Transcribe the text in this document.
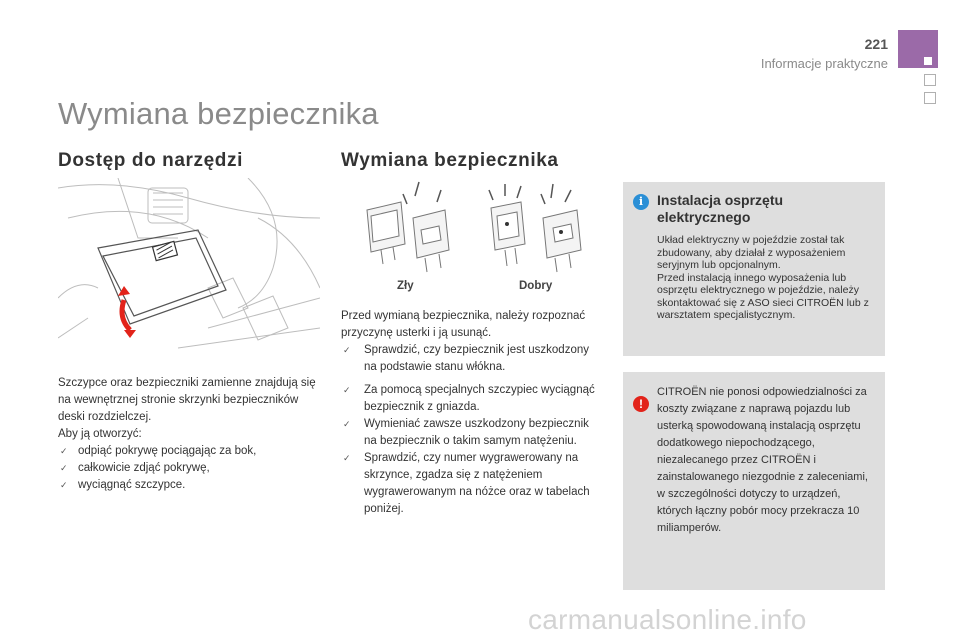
221
Informacje praktyczne
Wymiana bezpiecznika
Dostęp do narzędzi

Szczypce oraz bezpieczniki zamienne znajdują się na wewnętrznej stronie skrzynki bezpieczników deski rozdzielczej.

Aby ją otworzyć:

✓ odpiąć pokrywę pociągając za bok,
✓ całkowicie zdjąć pokrywę,
✓ wyciągnąć szczypce.
Wymiana bezpiecznika
Zły	Dobry

Przed wymianą bezpiecznika, należy rozpoznać przyczynę usterki i ją usunąć.

✓ Sprawdzić, czy bezpiecznik jest uszkodzony na podstawie stanu włókna.
✓ Za pomocą specjalnych szczypiec wyciągnąć bezpiecznik z gniazda.
✓ Wymieniać zawsze uszkodzony bezpiecznik na bezpiecznik o takim samym natężeniu.
✓ Sprawdzić, czy numer wygrawerowany na skrzynce, zgadza się z natężeniem wygrawerowanym na nóżce oraz w tabelach poniżej.
i Instalacja osprzętu elektrycznego

Układ elektryczny w pojeździe został tak zbudowany, aby działał z wyposażeniem seryjnym lub opcjonalnym.

Przed instalacją innego wyposażenia lub osprzętu elektrycznego w pojeździe, należy skontaktować się z ASO sieci CITROËN lub z warsztatem specjalistycznym.

!

CITROËN nie ponosi odpowiedzialności za koszty związane z naprawą pojazdu lub usterką spowodowaną instalacją osprzętu dodatkowego niepochodzącego, niezalecanego przez CITROËN i zainstalowanego niezgodnie z zaleceniami, w szczególności dotyczy to urządzeń, których łączny pobór mocy przekracza 10 miliamperów.

carmanualsonline.info
